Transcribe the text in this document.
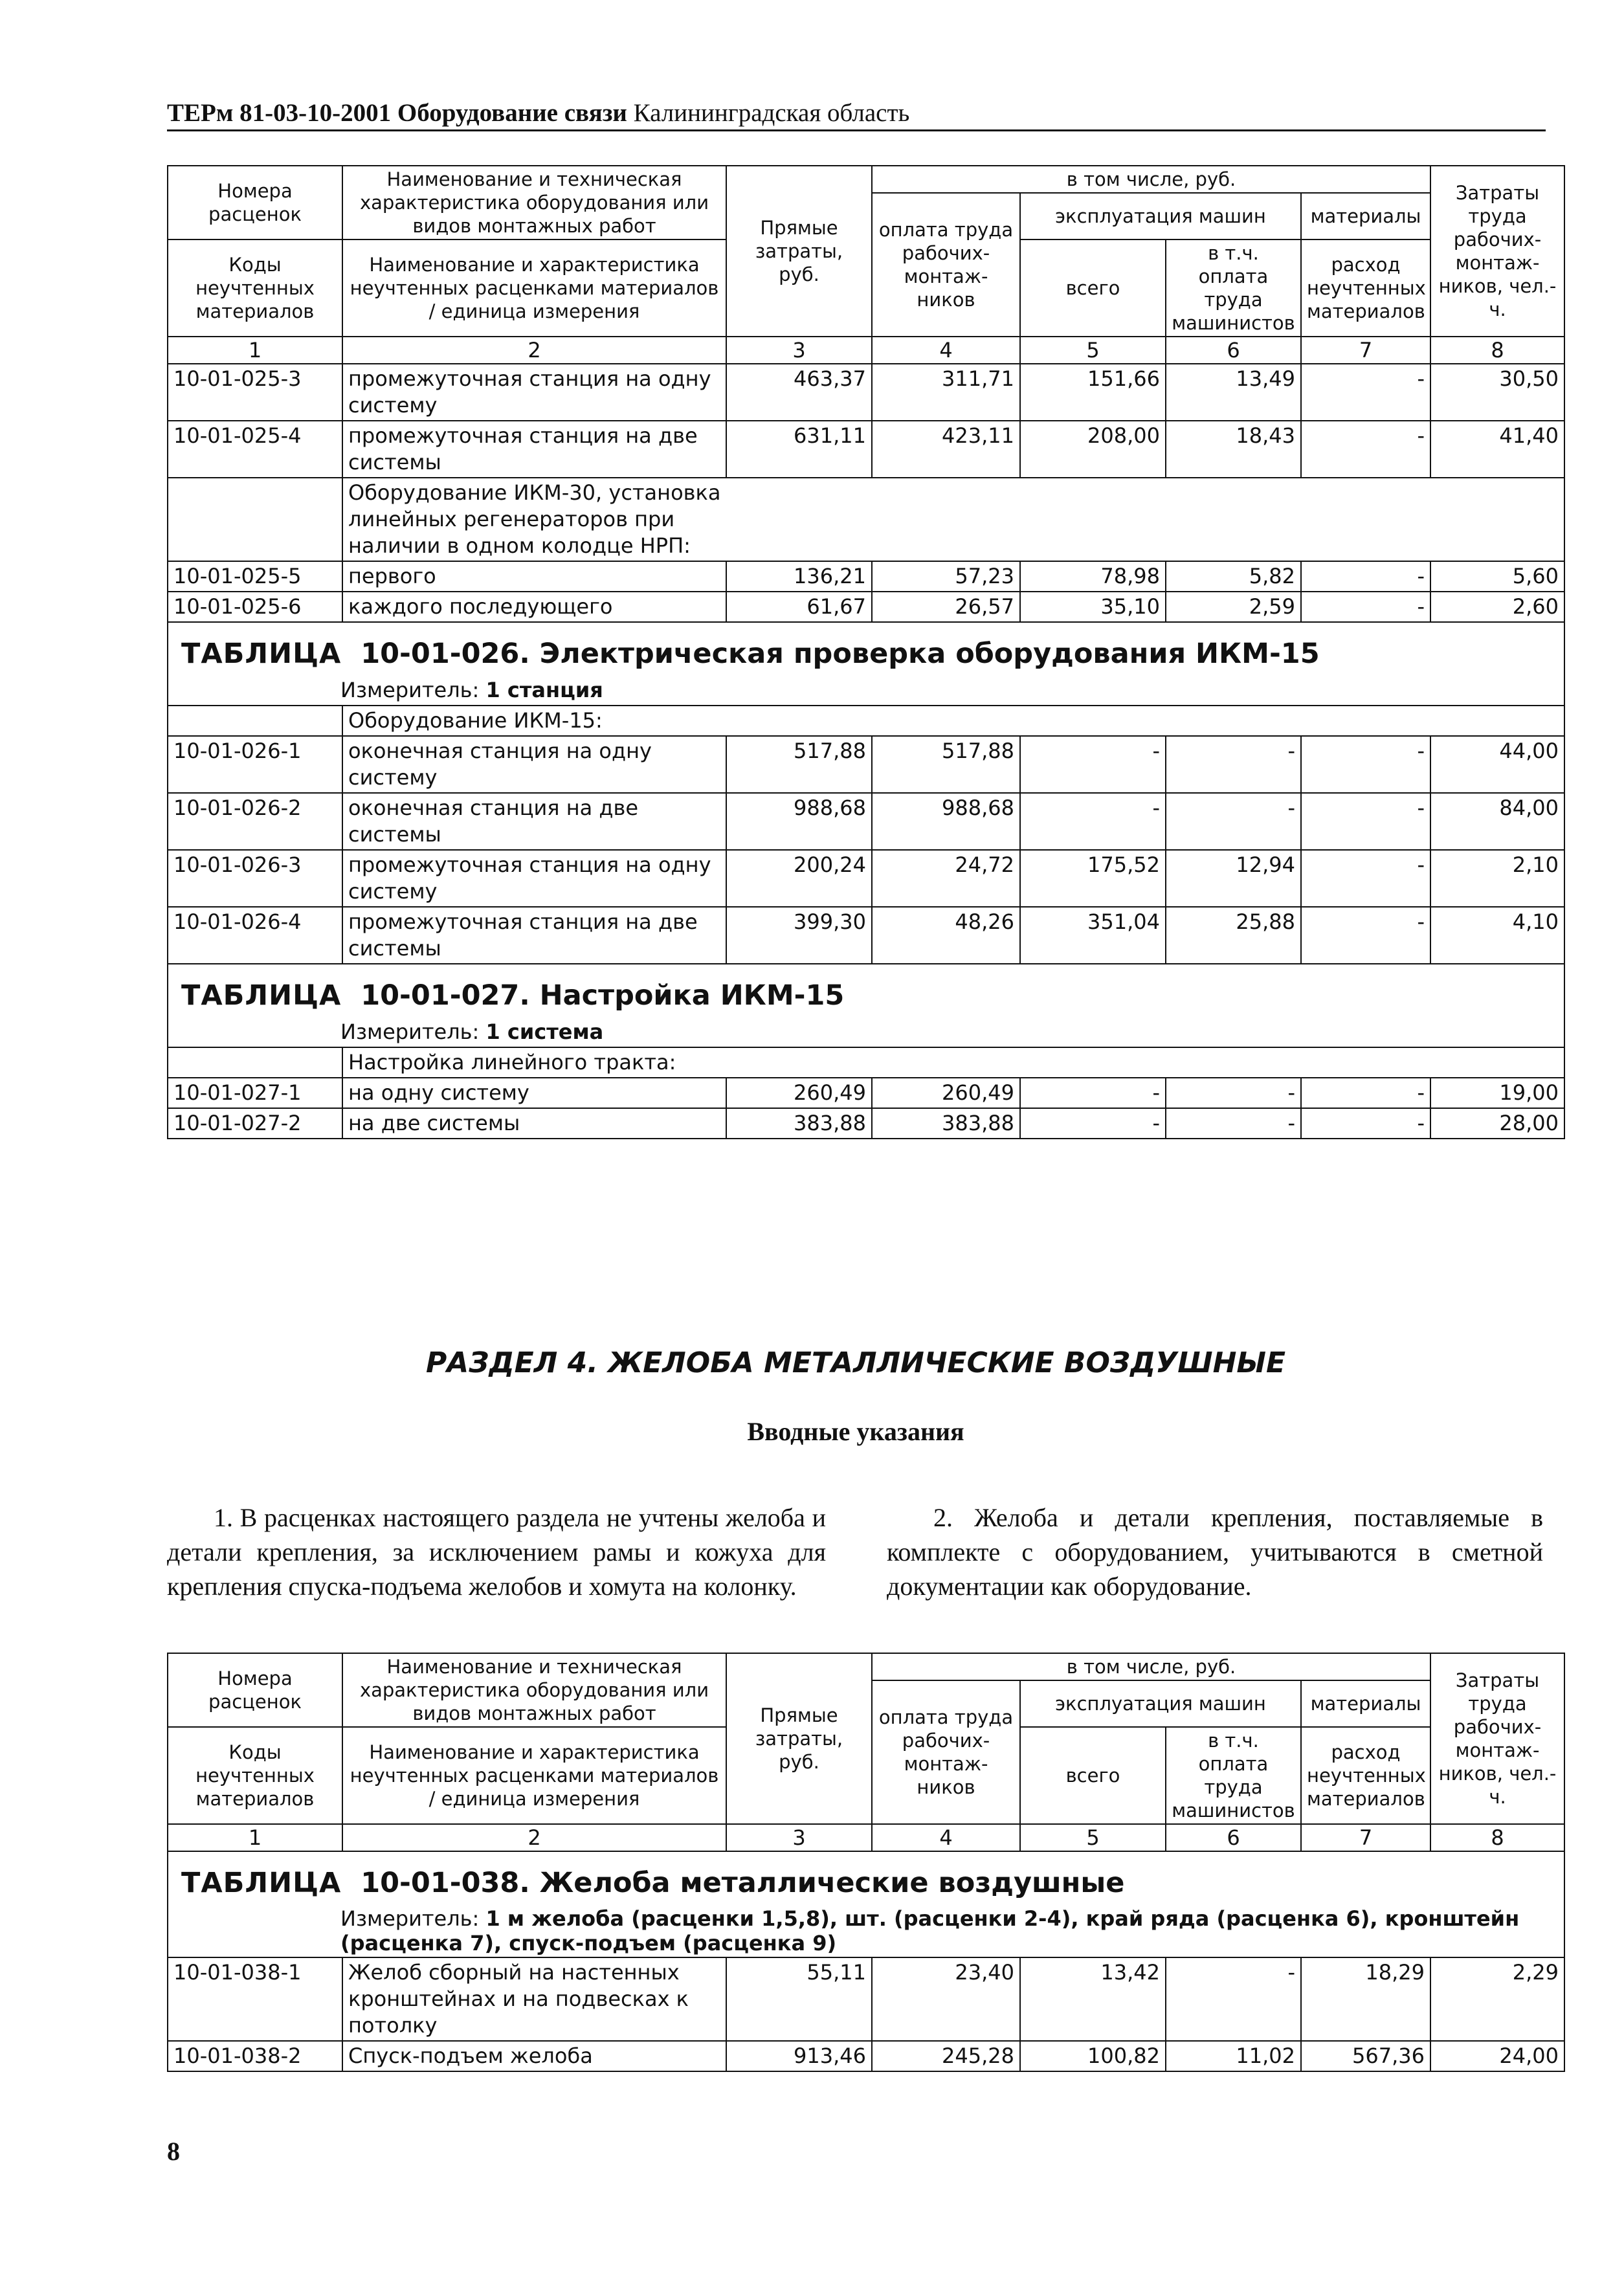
ТЕРм 81-03-10-2001 Оборудование связи Калининградская область
Номера расценок	Наименование и техническая характеристика оборудования или видов монтажных работ	Прямые затраты, руб.	в том числе, руб.				Затраты труда рабочих-монтаж-ников, чел.-ч.
			оплата труда рабочих-монтаж-ников	эксплуатация машин		материалы	
Коды неучтенных материалов	Наименование и характеристика неучтенных расценками материалов / единица измерения			всего	в т.ч. оплата труда машинистов	расход неучтенных материалов	

1	2	3	4	5	6	7	8
10-01-025-3	промежуточная станция на одну систему	463,37	311,71	151,66	13,49	-	30,50
10-01-025-4	промежуточная станция на две системы	631,11	423,11	208,00	18,43	-	41,40
	Оборудование ИКМ-30, установка линейных регенераторов при наличии в одном колодце НРП:						
10-01-025-5	первого	136,21	57,23	78,98	5,82	-	5,60
10-01-025-6	каждого последующего	61,67	26,57	35,10	2,59	-	2,60
ТАБЛИЦА 10-01-026. Электрическая проверка оборудования ИКМ-15							
Измеритель: 1 станция							
	Оборудование ИКМ-15:						
10-01-026-1	оконечная станция на одну систему	517,88	517,88	-	-	-	44,00
10-01-026-2	оконечная станция на две системы	988,68	988,68	-	-	-	84,00
10-01-026-3	промежуточная станция на одну систему	200,24	24,72	175,52	12,94	-	2,10
10-01-026-4	промежуточная станция на две системы	399,30	48,26	351,04	25,88	-	4,10
ТАБЛИЦА 10-01-027. Настройка ИКМ-15							
Измеритель: 1 система							
	Настройка линейного тракта:						
10-01-027-1	на одну систему	260,49	260,49	-	-	-	19,00
10-01-027-2	на две системы	383,88	383,88	-	-	-	28,00
РАЗДЕЛ 4. ЖЕЛОБА МЕТАЛЛИЧЕСКИЕ ВОЗДУШНЫЕ
Вводные указания
1. В расценках настоящего раздела не учтены желоба и детали крепления, за исключением рамы и кожуха для крепления спуска-подъема желобов и хомута на колонку.
2. Желоба и детали крепления, поставляемые в комплекте с оборудованием, учитываются в сметной документации как оборудование.
Номера расценок	Наименование и техническая характеристика оборудования или видов монтажных работ	Прямые затраты, руб.	в том числе, руб.				Затраты труда рабочих-монтаж-ников, чел.-ч.
			оплата труда рабочих-монтаж-ников	эксплуатация машин		материалы	
Коды неучтенных материалов	Наименование и характеристика неучтенных расценками материалов / единица измерения			всего	в т.ч. оплата труда машинистов	расход неучтенных материалов	

1	2	3	4	5	6	7	8
ТАБЛИЦА 10-01-038. Желоба металлические воздушные							
Измеритель: 1 м желоба (расценки 1,5,8), шт. (расценки 2-4), край ряда (расценка 6), кронштейн (расценка 7), спуск-подъем (расценка 9)							
10-01-038-1	Желоб сборный на настенных кронштейнах и на подвесках к потолку	55,11	23,40	13,42	-	18,29	2,29
10-01-038-2	Спуск-подъем желоба	913,46	245,28	100,82	11,02	567,36	24,00
8
